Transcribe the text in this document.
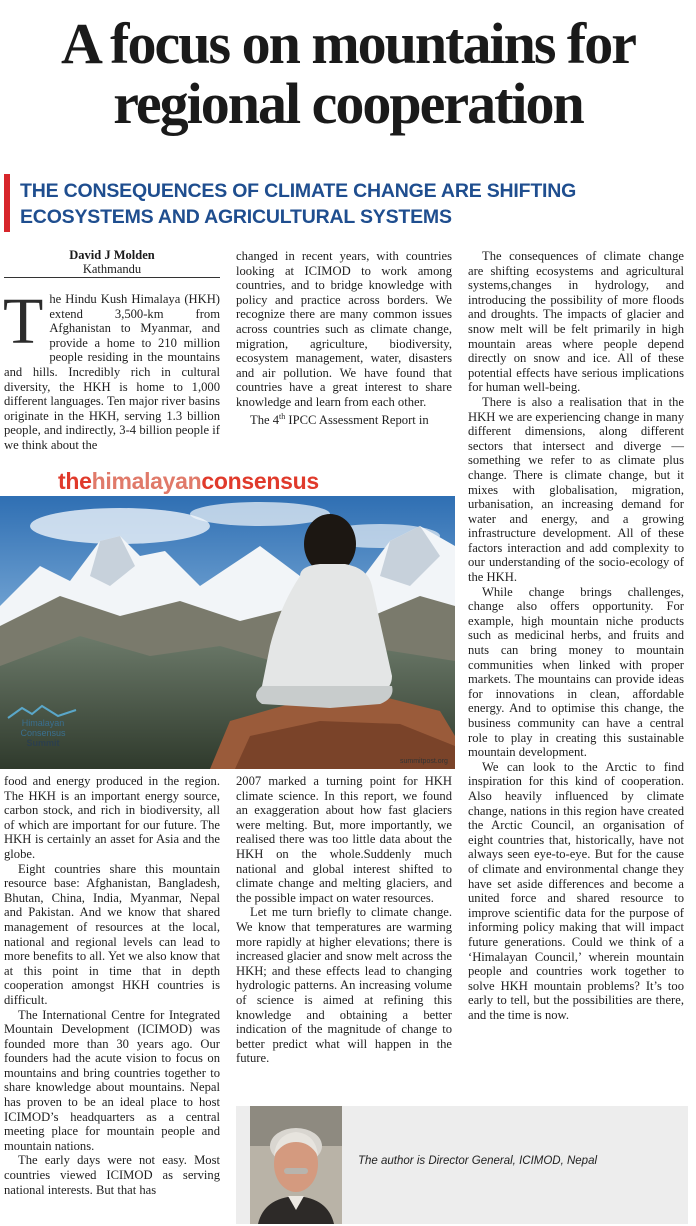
A focus on mountains for
regional cooperation
THE CONSEQUENCES OF CLIMATE CHANGE ARE SHIFTING
ECOSYSTEMS AND AGRICULTURAL SYSTEMS
David J Molden
Kathmandu

The Hindu Kush Himalaya (HKH) extend 3,500-km from Afghanistan to Myanmar, and provide a home to 210 million people residing in the mountains and hills. Incredibly rich in cultural diversity, the HKH is home to 1,000 different languages. Ten major river basins originate in the HKH, serving 1.3 billion people, and indirectly, 3-4 billion people if we think about the

changed in recent years, with countries looking at ICIMOD to work among countries, and to bridge knowledge with policy and practice across borders. We recognize there are many common issues across countries such as climate change, migration, agriculture, biodiversity, ecosystem management, water, disasters and air pollution. We have found that countries have a great interest to share knowledge and learn from each other.

The 4th IPCC Assessment Report in

thehimalayanconsensus
Himalayan
Consensus
Summit
summitpost.org

food and energy produced in the region. The HKH is an important energy source, carbon stock, and rich in biodiversity, all of which are important for our future. The HKH is certainly an asset for Asia and the globe.

Eight countries share this mountain resource base: Afghanistan, Bangladesh, Bhutan, China, India, Myanmar, Nepal and Pakistan. And we know that shared management of resources at the local, national and regional levels can lead to more benefits to all. Yet we also know that at this point in time that in depth cooperation amongst HKH countries is difficult.

The International Centre for Integrated Mountain Development (ICIMOD) was founded more than 30 years ago. Our founders had the acute vision to focus on mountains and bring countries together to share knowledge about mountains. Nepal has proven to be an ideal place to host ICIMOD’s headquarters as a central meeting place for mountain people and mountain nations.

The early days were not easy. Most countries viewed ICIMOD as serving national interests. But that has

2007 marked a turning point for HKH climate science. In this report, we found an exaggeration about how fast glaciers were melting. But, more importantly, we realised there was too little data about the HKH on the whole.Suddenly much national and global interest shifted to climate change and melting glaciers, and the possible impact on water resources.

Let me turn briefly to climate change. We know that temperatures are warming more rapidly at higher elevations; there is increased glacier and snow melt across the HKH; and these effects lead to changing hydrologic patterns. An increasing volume of science is aimed at refining this knowledge and obtaining a better indication of the magnitude of change to better predict what will happen in the future.

The consequences of climate change are shifting ecosystems and agricultural systems,changes in hydrology, and introducing the possibility of more floods and droughts. The impacts of glacier and snow melt will be felt primarily in high mountain areas where people depend directly on snow and ice. All of these potential effects have serious implications for human well-being.

There is also a realisation that in the HKH we are experiencing change in many different dimensions, along different sectors that intersect and diverge — something we refer to as climate plus change. There is climate change, but it mixes with globalisation, migration, urbanisation, an increasing demand for water and energy, and a growing infrastructure development. All of these factors interaction and add complexity to our understanding of the socio-ecology of the HKH.

While change brings challenges, change also offers opportunity. For example, high mountain niche products such as medicinal herbs, and fruits and nuts can bring money to mountain communities when linked with proper markets. The mountains can provide ideas for innovations in clean, affordable energy. And to optimise this change, the business community can have a central role to play in creating this sustainable mountain development.

We can look to the Arctic to find inspiration for this kind of cooperation. Also heavily influenced by climate change, nations in this region have created the Arctic Council, an organisation of eight countries that, historically, have not always seen eye-to-eye. But for the cause of climate and environmental change they have set aside differences and become a united force and shared resource to improve scientific data for the purpose of informing policy making that will impact future generations. Could we think of a ‘Himalayan Council,’ wherein mountain people and countries work together to solve HKH mountain problems? It’s too early to tell, but the possibilities are there, and the time is now.

The author is Director General, ICIMOD, Nepal
